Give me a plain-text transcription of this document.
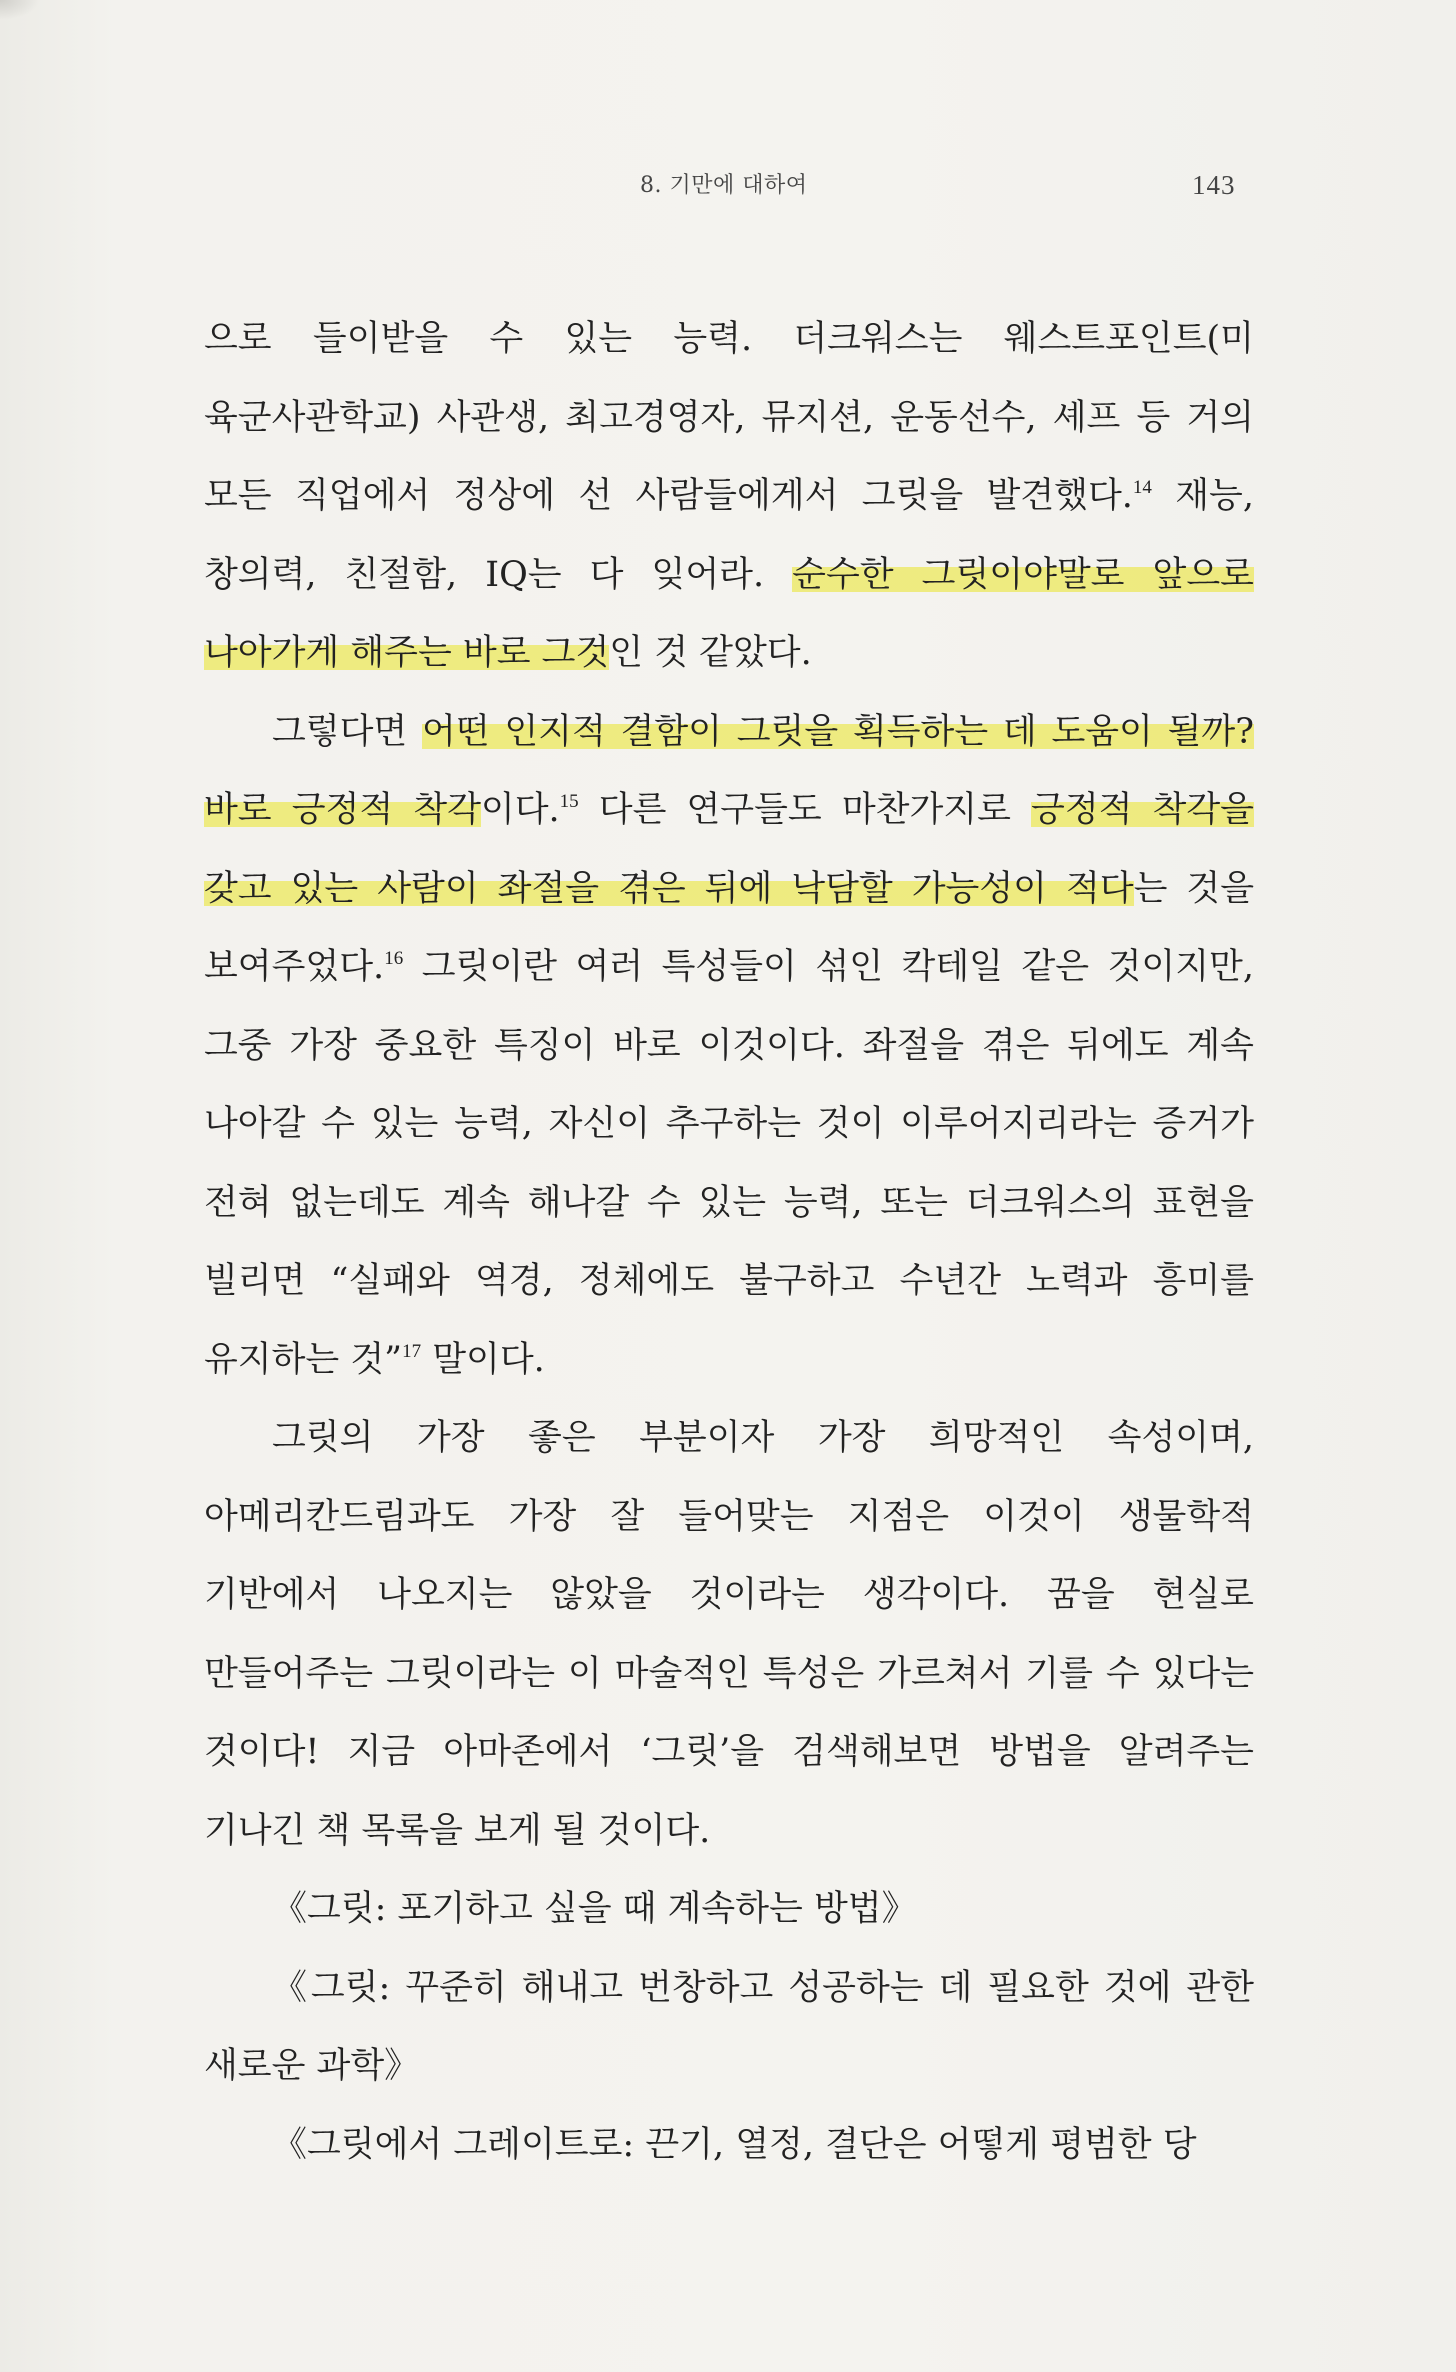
8. 기만에 대하여	143

으로 들이받을 수 있는 능력. 더크워스는 웨스트포인트(미 육군사관학교) 사관생, 최고경영자, 뮤지션, 운동선수, 셰프 등 거의 모든 직업에서 정상에 선 사람들에게서 그릿을 발견했다.$^{14}$ 재능, 창의력, 친절함, IQ는 다 잊어라. 순수한 그릿이야말로 앞으로 나아가게 해주는 바로 그것인 것 같았다.

그렇다면 어떤 인지적 결함이 그릿을 획득하는 데 도움이 될까? 바로 긍정적 착각이다.$^{15}$ 다른 연구들도 마찬가지로 긍정적 착각을 갖고 있는 사람이 좌절을 겪은 뒤에 낙담할 가능성이 적다는 것을 보여주었다.$^{16}$ 그릿이란 여러 특성들이 섞인 칵테일 같은 것이지만, 그중 가장 중요한 특징이 바로 이것이다. 좌절을 겪은 뒤에도 계속 나아갈 수 있는 능력, 자신이 추구하는 것이 이루어지리라는 증거가 전혀 없는데도 계속 해나갈 수 있는 능력, 또는 더크워스의 표현을 빌리면 “실패와 역경, 정체에도 불구하고 수년간 노력과 흥미를 유지하는 것”$^{17}$ 말이다.

그릿의 가장 좋은 부분이자 가장 희망적인 속성이며, 아메리칸드림과도 가장 잘 들어맞는 지점은 이것이 생물학적 기반에서 나오지는 않았을 것이라는 생각이다. 꿈을 현실로 만들어주는 그릿이라는 이 마술적인 특성은 가르쳐서 기를 수 있다는 것이다! 지금 아마존에서 ‘그릿’을 검색해보면 방법을 알려주는 기나긴 책 목록을 보게 될 것이다.

《그릿: 포기하고 싶을 때 계속하는 방법》

《그릿: 꾸준히 해내고 번창하고 성공하는 데 필요한 것에 관한 새로운 과학》

《그릿에서 그레이트로: 끈기, 열정, 결단은 어떻게 평범한 당
